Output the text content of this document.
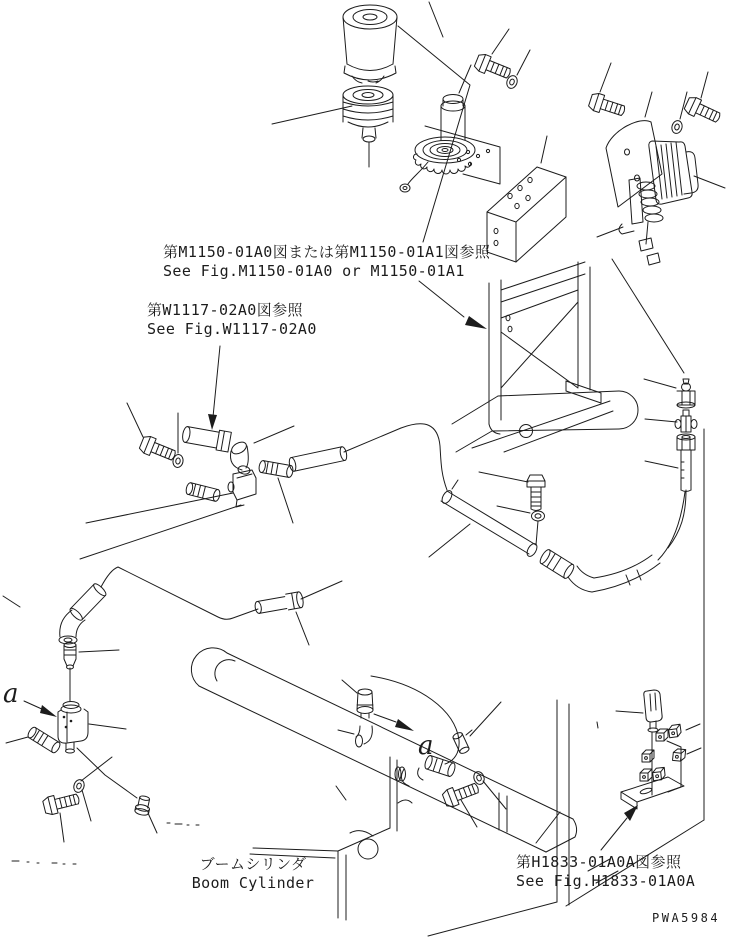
第M1150-01A0図または第M1150-01A1図参照
See Fig.M1150-01A0 or M1150-01A1
第W1117-02A0図参照
See Fig.W1117-02A0
ブームシリンダ
Boom Cylinder
第H1833-01A0A図参照
See Fig.H1833-01A0A
a
a
PWA5984
